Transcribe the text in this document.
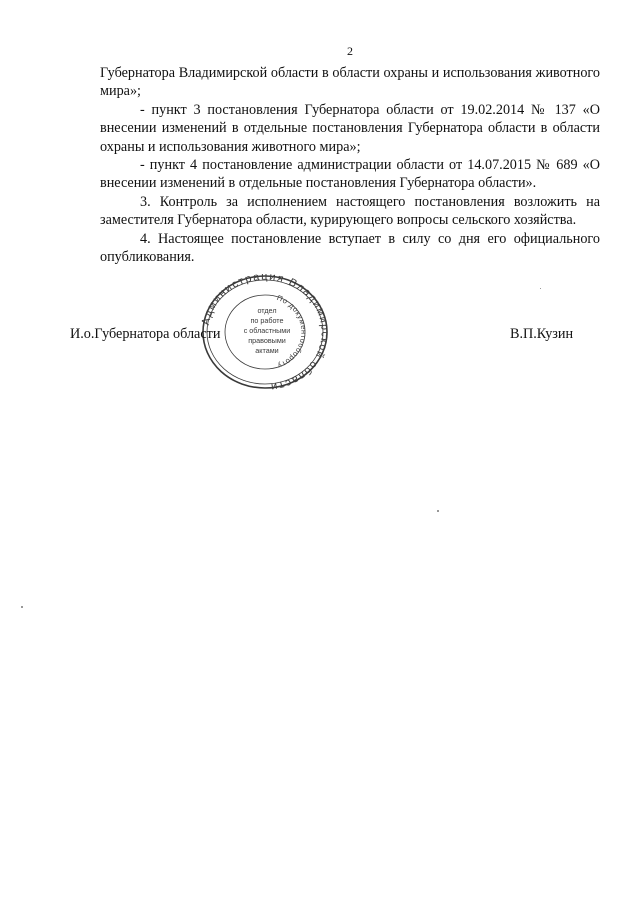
2

Губернатора Владимирской области в области охраны и использования животного мира»;

- пункт 3 постановления Губернатора области от 19.02.2014 № 137 «О внесении изменений в отдельные постановления Губернатора области в области охраны и использования животного мира»;

- пункт 4 постановление администрации области от 14.07.2015 № 689 «О внесении изменений в отдельные постановления Губернатора области».

3. Контроль за исполнением настоящего постановления возложить на заместителя Губернатора области, курирующего вопросы сельского хозяйства.

4. Настоящее постановление вступает в силу со дня его официального опубликования.

Администрация Владимирской области
По документообороту
отдел
по работе
с областными
правовыми
актами
И.о.Губернатора области	В.П.Кузин
